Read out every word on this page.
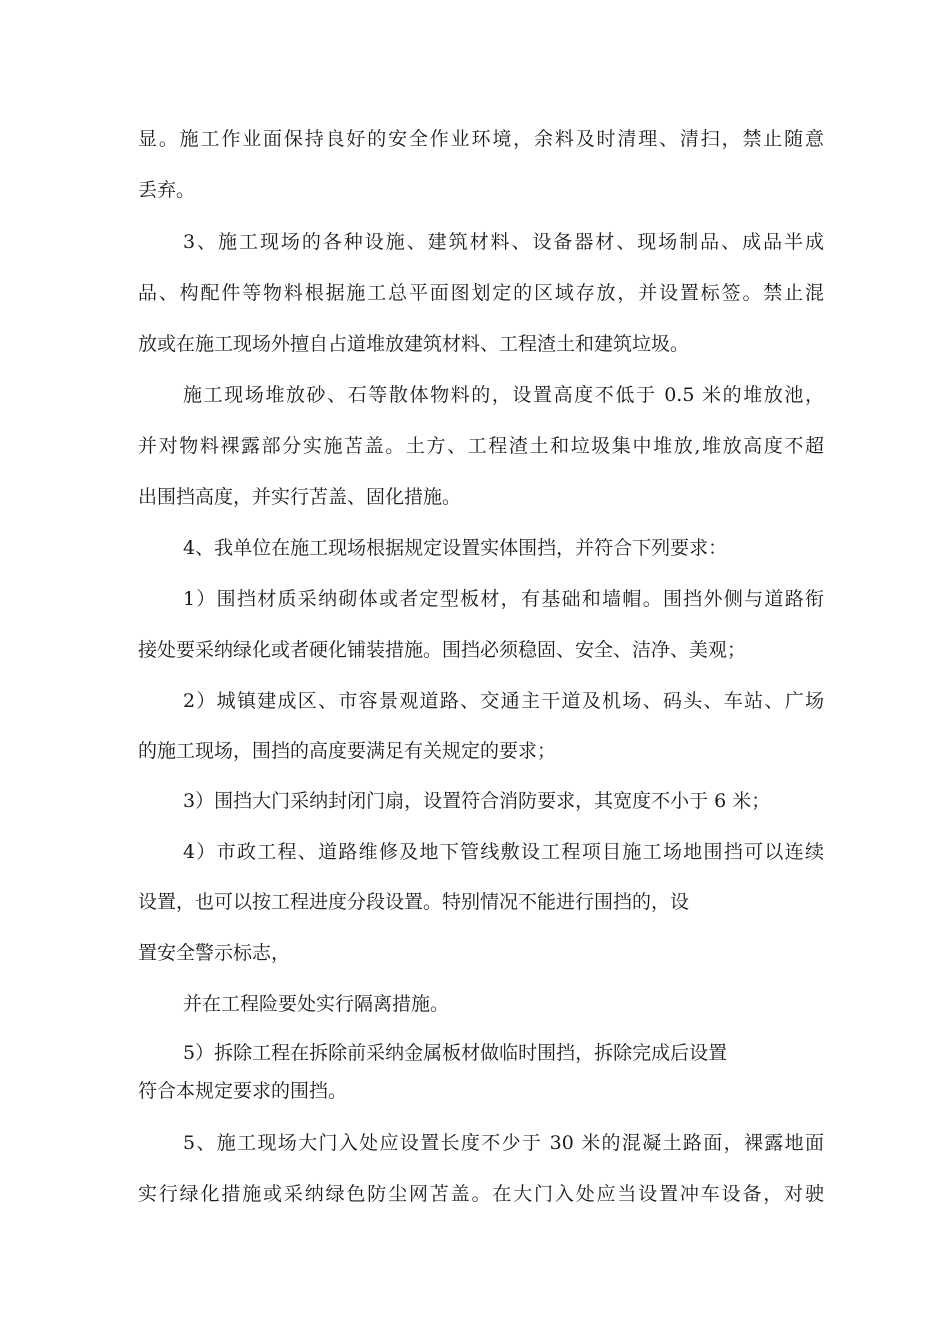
显。施工作业面保持良好的安全作业环境，余料及时清理、清扫，禁止随意
丢弃。
3、施工现场的各种设施、建筑材料、设备器材、现场制品、成品半成
品、构配件等物料根据施工总平面图划定的区域存放，并设置标签。禁止混
放或在施工现场外擅自占道堆放建筑材料、工程渣土和建筑垃圾。
施工现场堆放砂、石等散体物料的，设置高度不低于 0.5 米的堆放池，
并对物料裸露部分实施苫盖。土方、工程渣土和垃圾集中堆放,堆放高度不超
出围挡高度，并实行苫盖、固化措施。
4、我单位在施工现场根据规定设置实体围挡，并符合下列要求：
1）围挡材质采纳砌体或者定型板材，有基础和墙帽。围挡外侧与道路衔
接处要采纳绿化或者硬化铺装措施。围挡必须稳固、安全、洁净、美观；
2）城镇建成区、市容景观道路、交通主干道及机场、码头、车站、广场
的施工现场，围挡的高度要满足有关规定的要求；
3）围挡大门采纳封闭门扇，设置符合消防要求，其宽度不小于 6 米；
4）市政工程、道路维修及地下管线敷设工程项目施工场地围挡可以连续
设置，也可以按工程进度分段设置。特别情况不能进行围挡的，设
置安全警示标志，
并在工程险要处实行隔离措施。
5）拆除工程在拆除前采纳金属板材做临时围挡，拆除完成后设置
符合本规定要求的围挡。
5、施工现场大门入处应设置长度不少于 30 米的混凝土路面，裸露地面
实行绿化措施或采纳绿色防尘网苫盖。在大门入处应当设置冲车设备，对驶
